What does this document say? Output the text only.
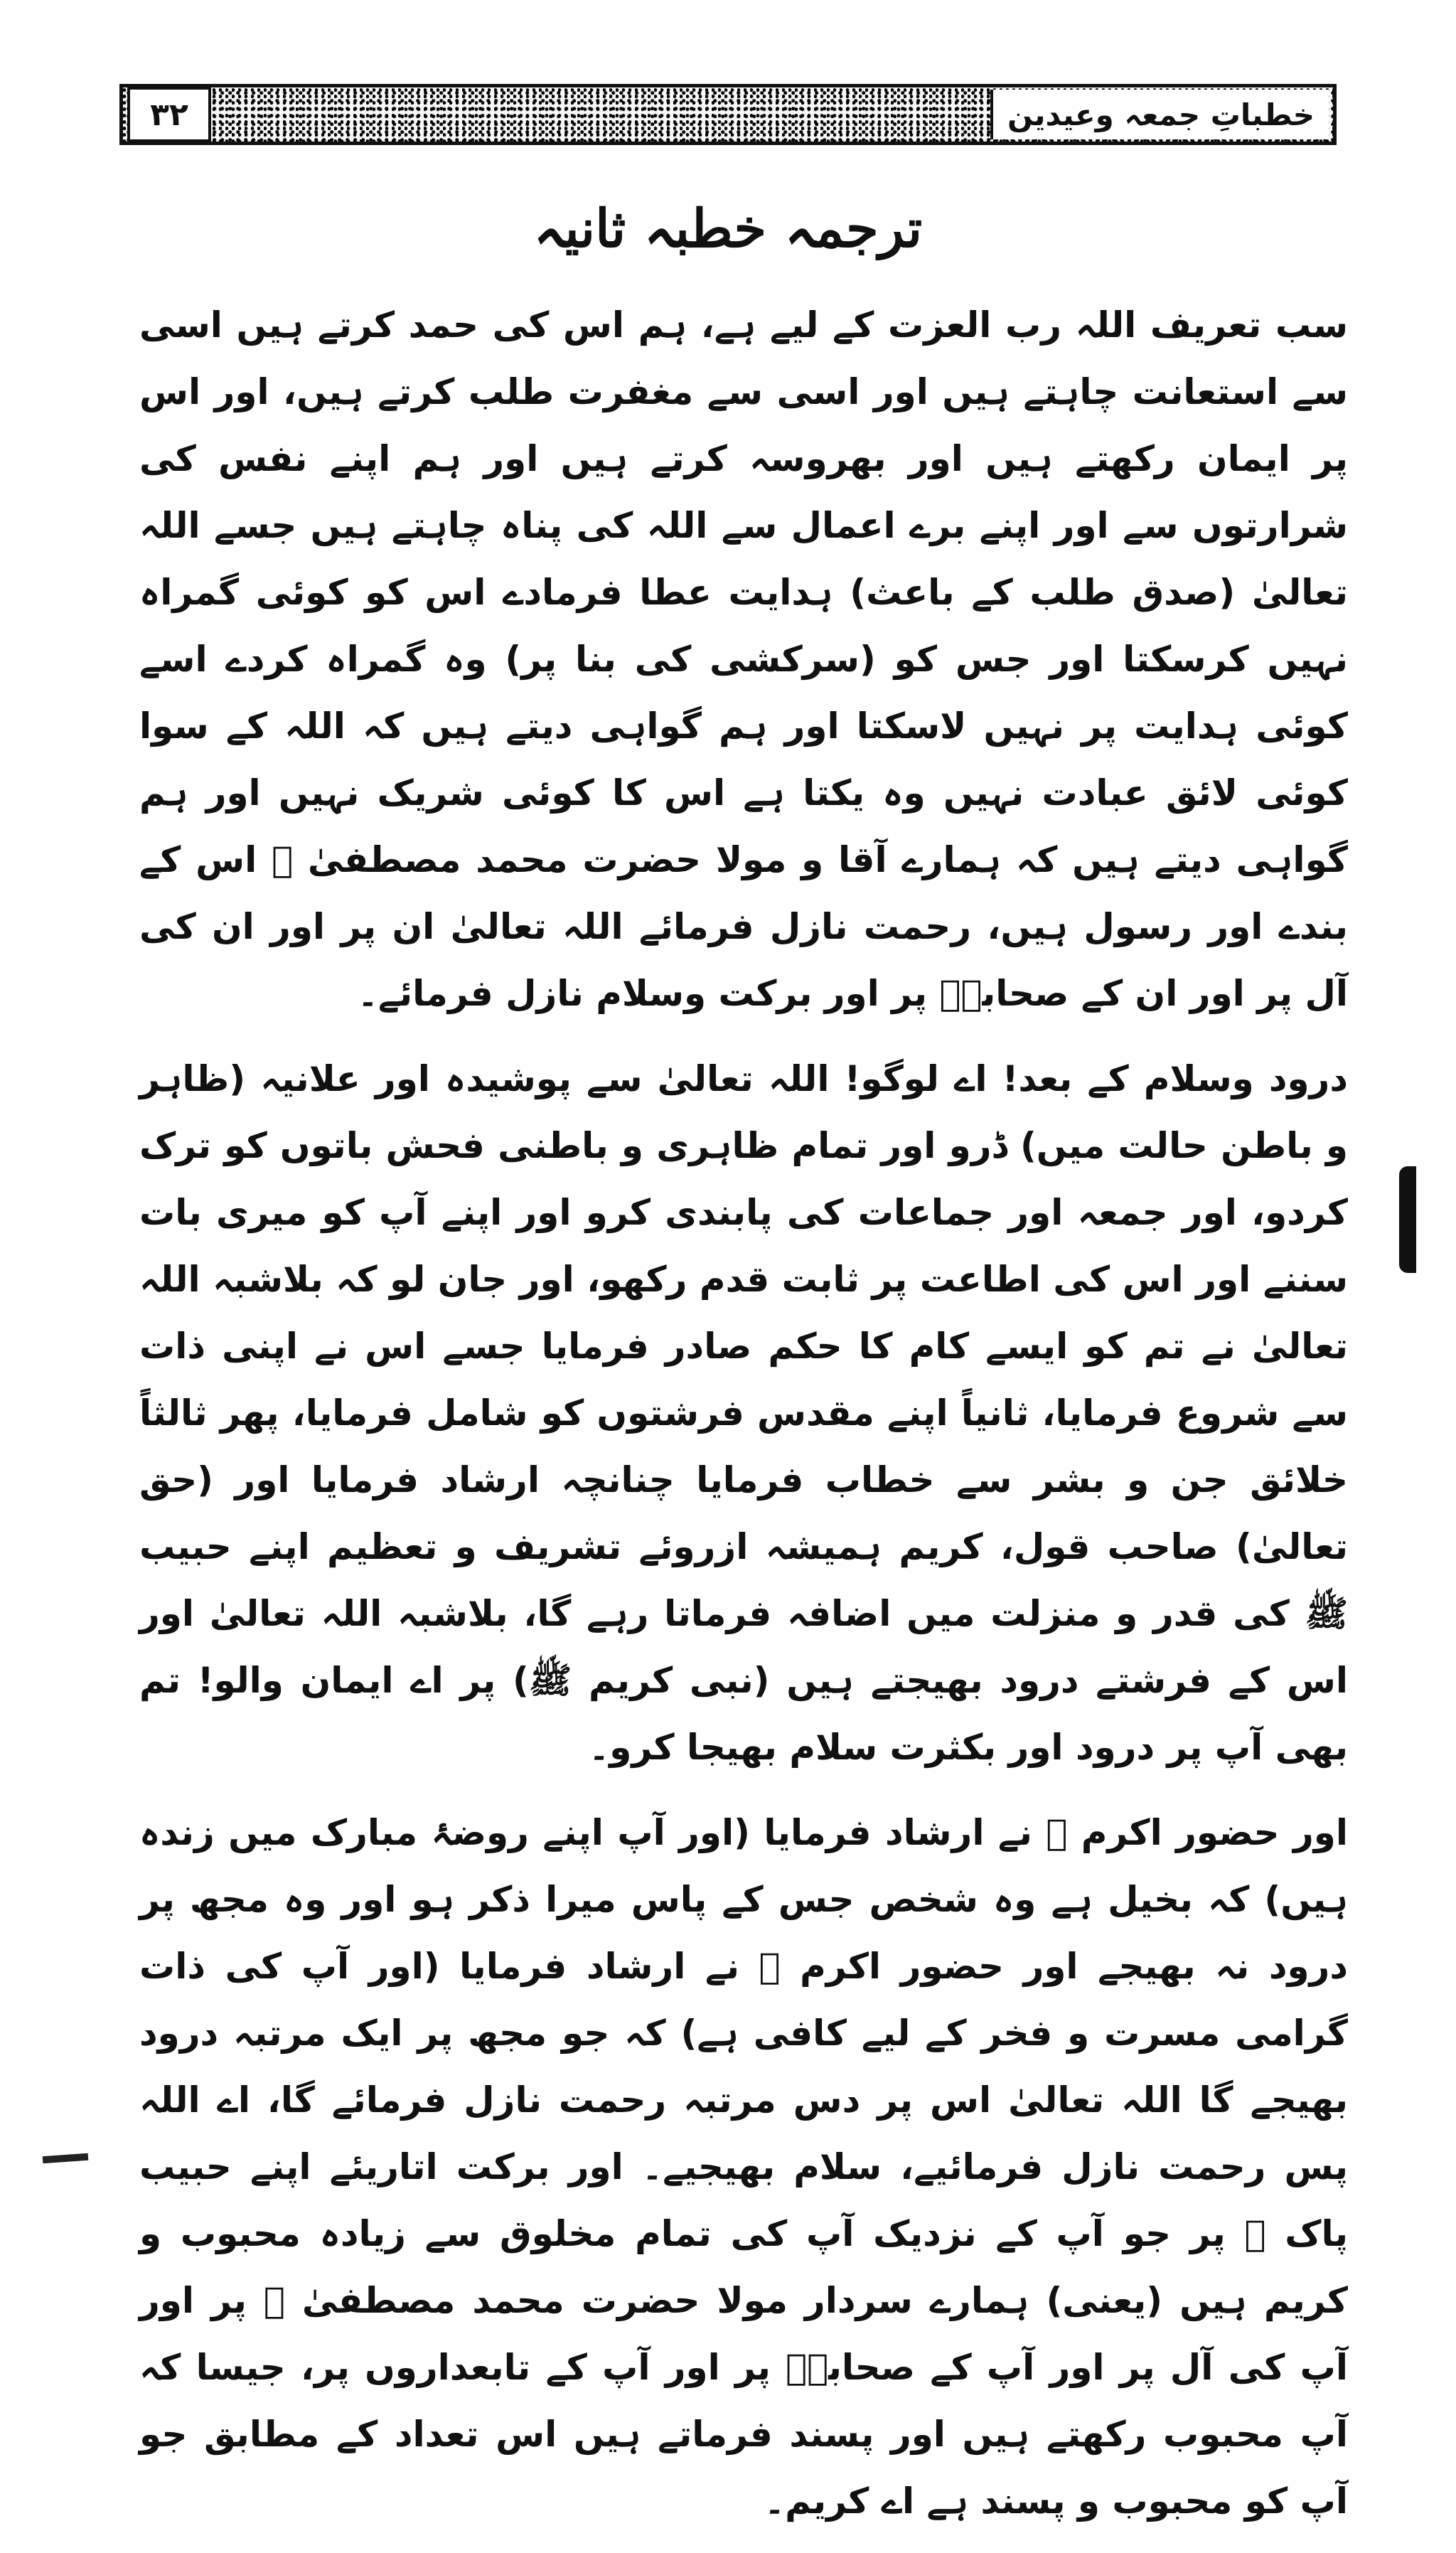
۳۲	خطباتِ جمعہ وعیدین
ترجمہ خطبہ ثانیہ

سب تعریف اللہ رب العزت کے لیے ہے، ہم اس کی حمد کرتے ہیں اسی سے استعانت چاہتے ہیں اور اسی سے مغفرت طلب کرتے ہیں، اور اس پر ایمان رکھتے ہیں اور بھروسہ کرتے ہیں اور ہم اپنے نفس کی شرارتوں سے اور اپنے برے اعمال سے اللہ کی پناہ چاہتے ہیں جسے اللہ تعالیٰ (صدق طلب کے باعث) ہدایت عطا فرمادے اس کو کوئی گمراہ نہیں کرسکتا اور جس کو (سرکشی کی بنا پر) وہ گمراہ کردے اسے کوئی ہدایت پر نہیں لاسکتا اور ہم گواہی دیتے ہیں کہ اللہ کے سوا کوئی لائق عبادت نہیں وہ یکتا ہے اس کا کوئی شریک نہیں اور ہم گواہی دیتے ہیں کہ ہمارے آقا و مولا حضرت محمد مصطفیٰ ﷺ اس کے بندے اور رسول ہیں، رحمت نازل فرمائے اللہ تعالیٰ ان پر اور ان کی آل پر اور ان کے صحابہؓ پر اور برکت وسلام نازل فرمائے۔

درود وسلام کے بعد! اے لوگو! اللہ تعالیٰ سے پوشیدہ اور علانیہ (ظاہر و باطن حالت میں) ڈرو اور تمام ظاہری و باطنی فحش باتوں کو ترک کردو، اور جمعہ اور جماعات کی پابندی کرو اور اپنے آپ کو میری بات سننے اور اس کی اطاعت پر ثابت قدم رکھو، اور جان لو کہ بلاشبہ اللہ تعالیٰ نے تم کو ایسے کام کا حکم صادر فرمایا جسے اس نے اپنی ذات سے شروع فرمایا، ثانیاً اپنے مقدس فرشتوں کو شامل فرمایا، پھر ثالثاً خلائق جن و بشر سے خطاب فرمایا چنانچہ ارشاد فرمایا اور (حق تعالیٰ) صاحب قول، کریم ہمیشہ ازروئے تشریف و تعظیم اپنے حبیب ﷺ کی قدر و منزلت میں اضافہ فرماتا رہے گا، بلاشبہ اللہ تعالیٰ اور اس کے فرشتے درود بھیجتے ہیں (نبی کریم ﷺ) پر اے ایمان والو! تم بھی آپ پر درود اور بکثرت سلام بھیجا کرو۔

اور حضور اکرم ﷺ نے ارشاد فرمایا (اور آپ اپنے روضۂ مبارک میں زندہ ہیں) کہ بخیل ہے وہ شخص جس کے پاس میرا ذکر ہو اور وہ مجھ پر درود نہ بھیجے اور حضور اکرم ﷺ نے ارشاد فرمایا (اور آپ کی ذات گرامی مسرت و فخر کے لیے کافی ہے) کہ جو مجھ پر ایک مرتبہ درود بھیجے گا اللہ تعالیٰ اس پر دس مرتبہ رحمت نازل فرمائے گا، اے اللہ پس رحمت نازل فرمائیے، سلام بھیجیے۔ اور برکت اتاریئے اپنے حبیب پاک ﷺ پر جو آپ کے نزدیک آپ کی تمام مخلوق سے زیادہ محبوب و کریم ہیں (یعنی) ہمارے سردار مولا حضرت محمد مصطفیٰ ﷺ پر اور آپ کی آل پر اور آپ کے صحابہؓ پر اور آپ کے تابعداروں پر، جیسا کہ آپ محبوب رکھتے ہیں اور پسند فرماتے ہیں اس تعداد کے مطابق جو آپ کو محبوب و پسند ہے اے کریم۔
